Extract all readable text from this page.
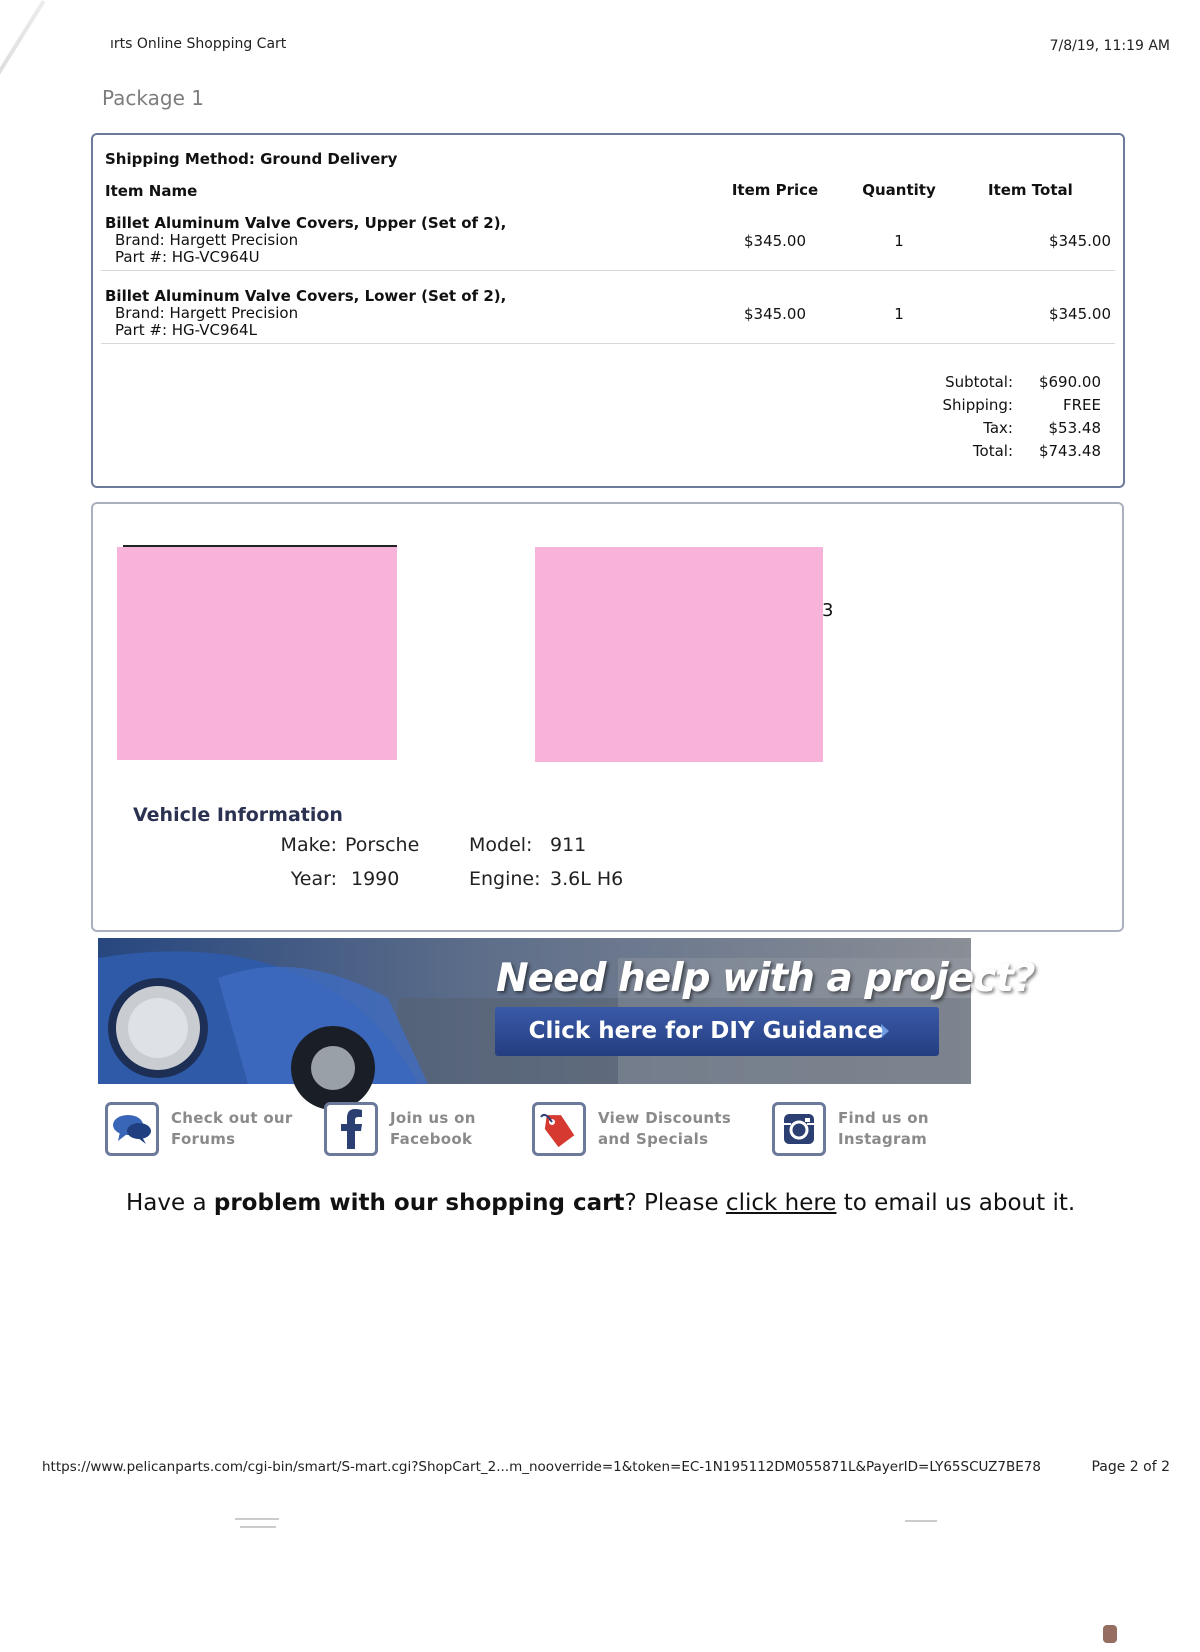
ırts Online Shopping Cart	7/8/19, 11:19 AM
Package 1
Shipping Method: Ground Delivery
Item Name	Item Price	Quantity	Item Total
Billet Aluminum Valve Covers, Upper (Set of 2),
Brand: Hargett Precision
Part #: HG-VC964U
$345.00	1	$345.00
Billet Aluminum Valve Covers, Lower (Set of 2),
Brand: Hargett Precision
Part #: HG-VC964L
$345.00	1	$345.00
Subtotal: $690.00
Shipping:	FREE
Tax: $53.48
Total: $743.48
3
Vehicle Information
Make: Porsche
Year: 1990
Model: 911
Engine: 3.6L H6
Need help with a project?
Click here for DIY Guidance
Check out our
Forums
Join us on
Facebook
View Discounts
and Specials
Find us on
Instagram
Have a problem with our shopping cart? Please click here to email us about it.
https://www.pelicanparts.com/cgi-bin/smart/S-mart.cgi?ShopCart_2...m_nooverride=1&token=EC-1N195112DM055871L&PayerID=LY65SCUZ7BE78	Page 2 of 2
